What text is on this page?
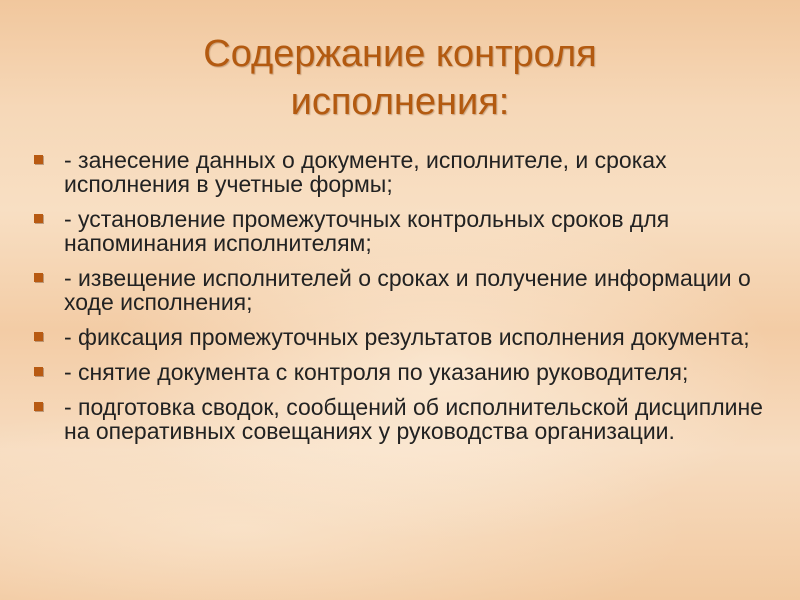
Содержание контроля
исполнения:
- занесение данных о документе, исполнителе, и сроках исполнения в учетные формы;
- установление промежуточных контрольных сроков для напоминания исполнителям;
- извещение исполнителей о сроках и получение информации о ходе исполнения;
- фиксация промежуточных результатов исполнения документа;
- снятие документа с контроля по указанию руководителя;
- подготовка сводок, сообщений об исполнительской дисциплине на оперативных совещаниях у руководства организации.
